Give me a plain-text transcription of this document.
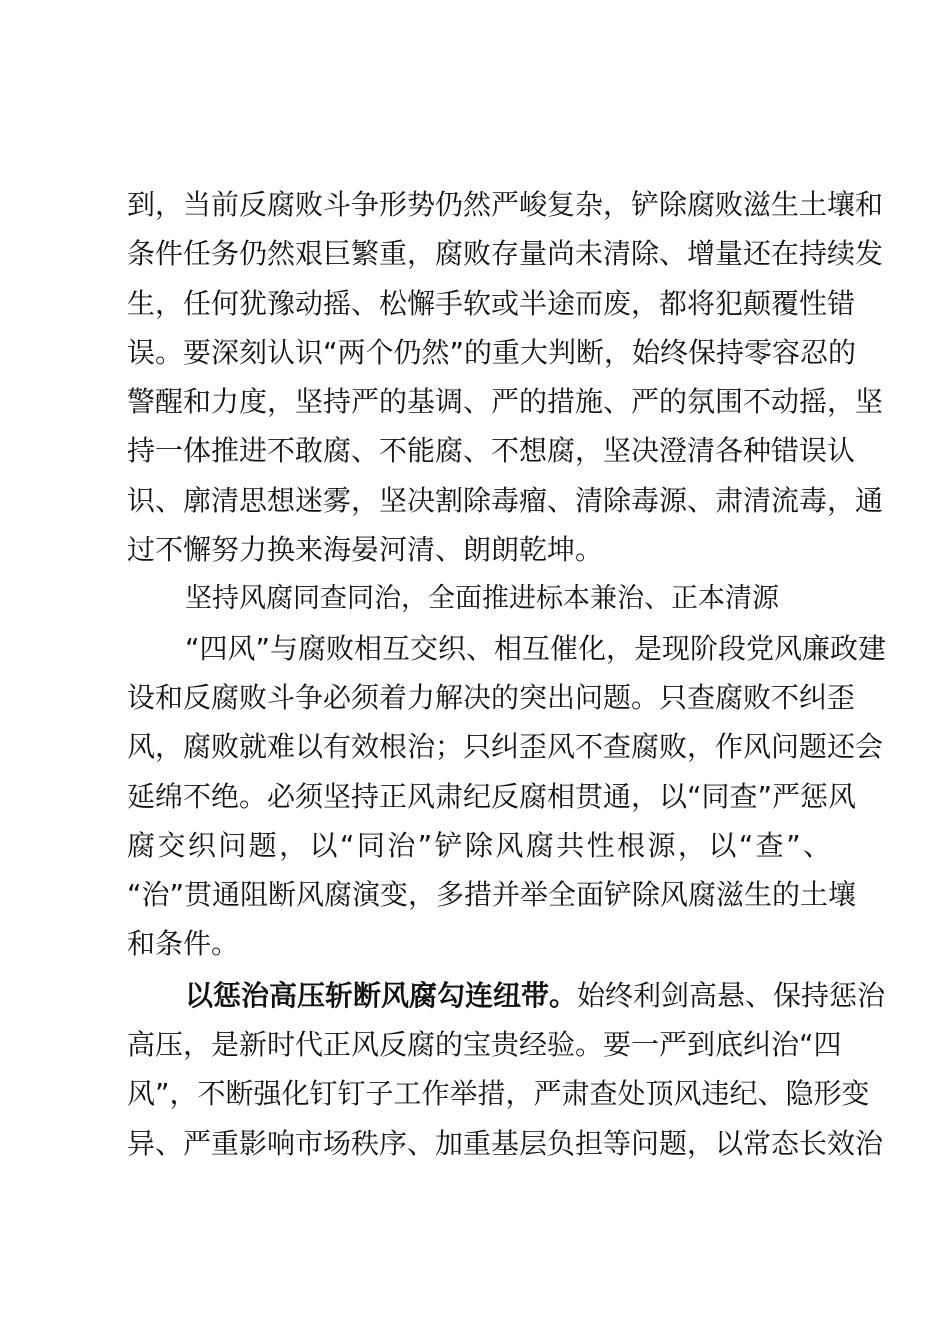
到，当前反腐败斗争形势仍然严峻复杂，铲除腐败滋生土壤和
条件任务仍然艰巨繁重，腐败存量尚未清除、增量还在持续发
生，任何犹豫动摇、松懈手软或半途而废，都将犯颠覆性错
误。要深刻认识“两个仍然”的重大判断，始终保持零容忍的
警醒和力度，坚持严的基调、严的措施、严的氛围不动摇，坚
持一体推进不敢腐、不能腐、不想腐，坚决澄清各种错误认
识、廓清思想迷雾，坚决割除毒瘤、清除毒源、肃清流毒，通
过不懈努力换来海晏河清、朗朗乾坤。
坚持风腐同查同治，全面推进标本兼治、正本清源
“四风”与腐败相互交织、相互催化，是现阶段党风廉政建
设和反腐败斗争必须着力解决的突出问题。只查腐败不纠歪
风，腐败就难以有效根治；只纠歪风不查腐败，作风问题还会
延绵不绝。必须坚持正风肃纪反腐相贯通，以“同查”严惩风
腐交织问题，以“同治”铲除风腐共性根源，以“查”、
“治”贯通阻断风腐演变，多措并举全面铲除风腐滋生的土壤
和条件。
以惩治高压斩断风腐勾连纽带。始终利剑高悬、保持惩治
高压，是新时代正风反腐的宝贵经验。要一严到底纠治“四
风”，不断强化钉钉子工作举措，严肃查处顶风违纪、隐形变
异、严重影响市场秩序、加重基层负担等问题，以常态长效治
